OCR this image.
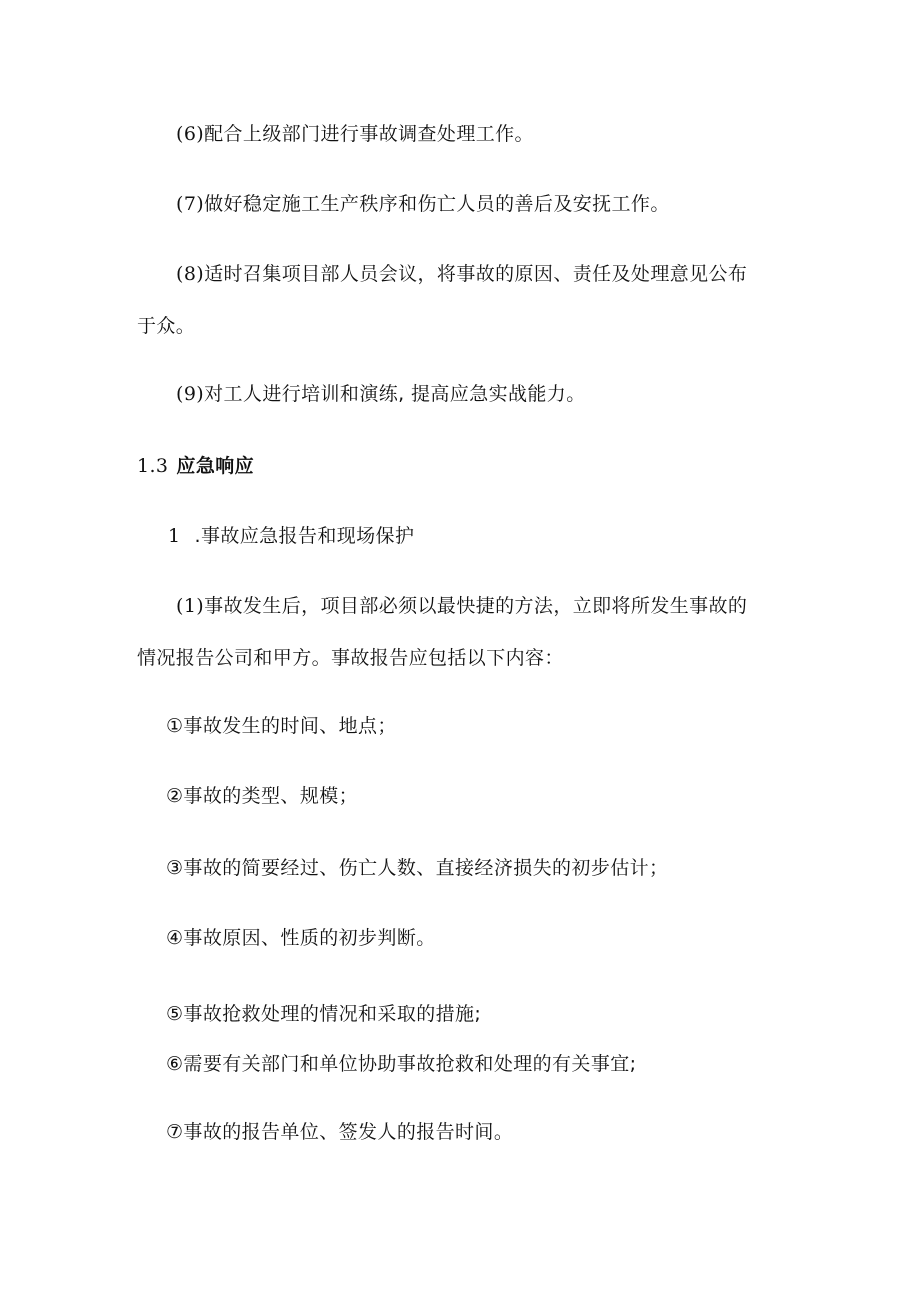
(6)配合上级部门进行事故调查处理工作。
(7)做好稳定施工生产秩序和伤亡人员的善后及安抚工作。
(8)适时召集项目部人员会议，将事故的原因、责任及处理意见公布
于众。
(9)对工人进行培训和演练, 提高应急实战能力。
1.3 应急响应
1 .事故应急报告和现场保护
(1)事故发生后，项目部必须以最快捷的方法，立即将所发生事故的
情况报告公司和甲方。事故报告应包括以下内容：
①事故发生的时间、地点；
②事故的类型、规模；
③事故的简要经过、伤亡人数、直接经济损失的初步估计；
④事故原因、性质的初步判断。
⑤事故抢救处理的情况和采取的措施;
⑥需要有关部门和单位协助事故抢救和处理的有关事宜;
⑦事故的报告单位、签发人的报告时间。
